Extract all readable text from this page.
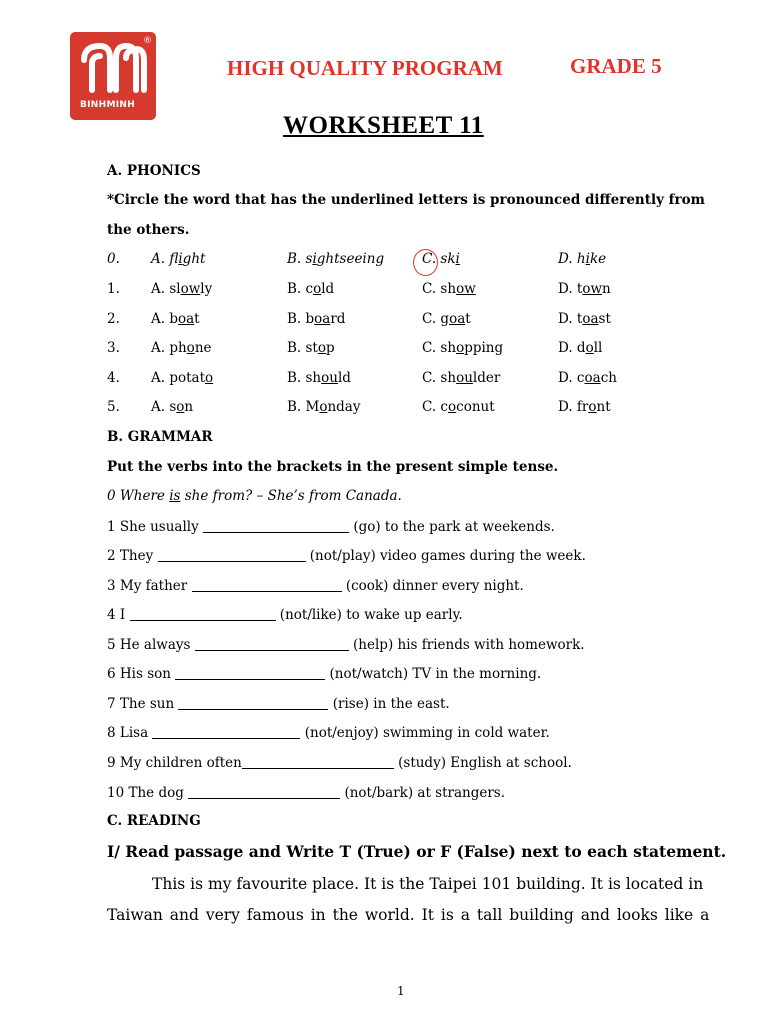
BINHMINH
®
HIGH QUALITY PROGRAM	GRADE 5
WORKSHEET 11
A. PHONICS
*Circle the word that has the underlined letters is pronounced differently from
the others.
0. A. flight	B. sightseeing	C. ski	D. hike
1. A. slowly	B. cold	C. show	D. town
2. A. boat	B. board	C. goat	D. toast
3. A. phone	B. stop	C. shopping	D. doll
4. A. potato	B. should	C. shoulder	D. coach
5. A. son	B. Monday	C. coconut	D. front
B. GRAMMAR
Put the verbs into the brackets in the present simple tense.
0 Where is she from? – She’s from Canada.
1 She usually	(go) to the park at weekends.
2 They	(not/play) video games during the week.
3 My father	(cook) dinner every night.
4 I	(not/like) to wake up early.
5 He always	(help) his friends with homework.
6 His son	(not/watch) TV in the morning.
7 The sun	(rise) in the east.
8 Lisa	(not/enjoy) swimming in cold water.
9 My children often	(study) English at school.
10 The dog	(not/bark) at strangers.
C. READING
I/ Read passage and Write T (True) or F (False) next to each statement.
This is my favourite place. It is the Taipei 101 building. It is located in
Taiwan and very famous in the world. It is a tall building and looks like a
1
